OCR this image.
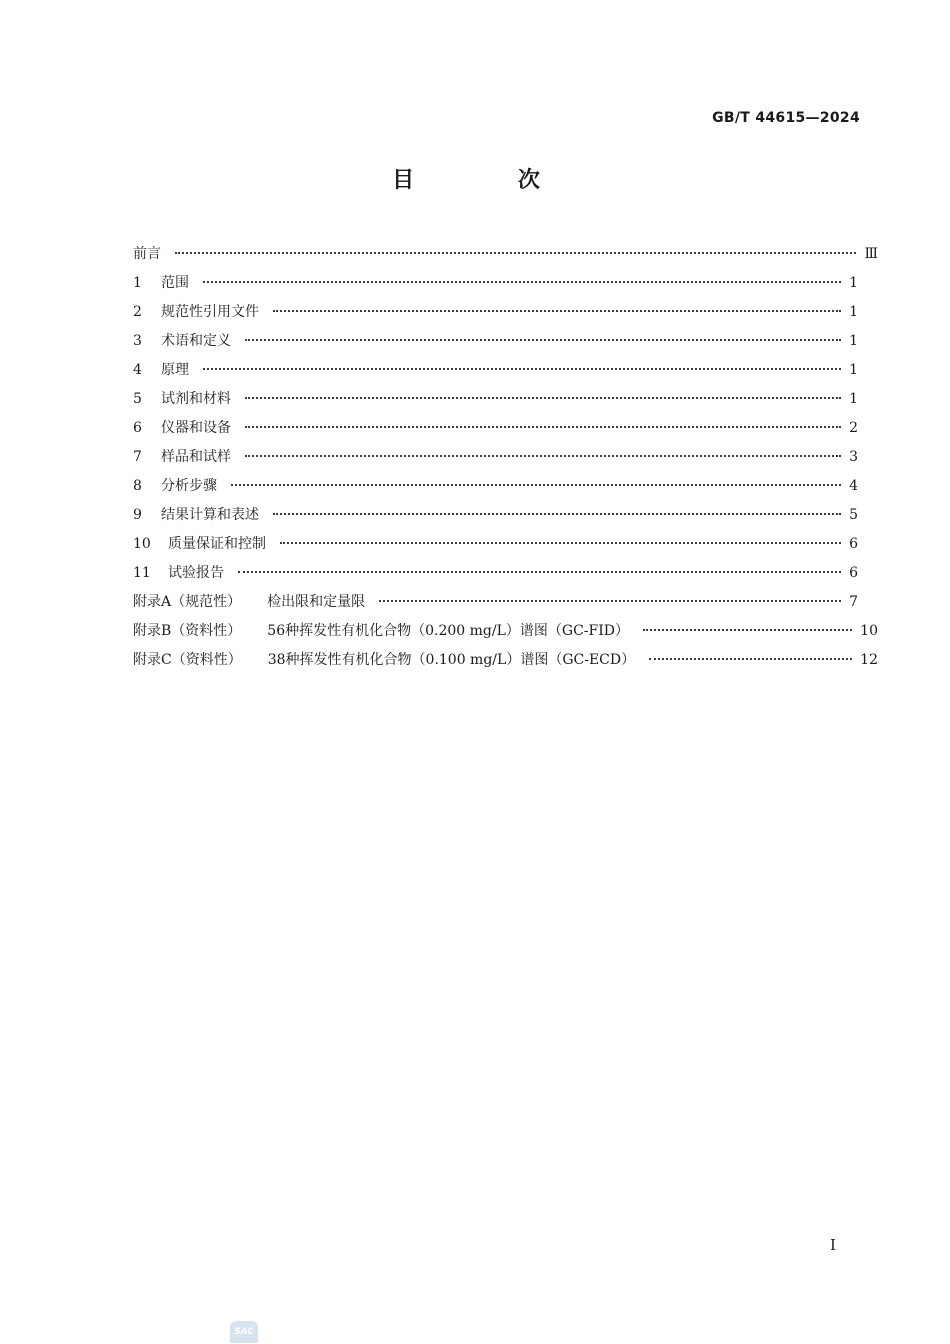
GB/T 44615—2024
目 次
前言	Ⅲ
1	范围	1
2	规范性引用文件	1
3	术语和定义	1
4	原理	1
5	试剂和材料	1
6	仪器和设备	2
7	样品和试样	3
8	分析步骤	4
9	结果计算和表述	5
10	质量保证和控制	6
11	试验报告	6
附录A （规范性） 检出限和定量限	7
附录B （资料性） 56种挥发性有机化合物（0.200 mg/L）谱图（GC-FID）	10
附录C （资料性） 38种挥发性有机化合物（0.100 mg/L）谱图（GC-ECD）	12
Ⅰ
SAC
